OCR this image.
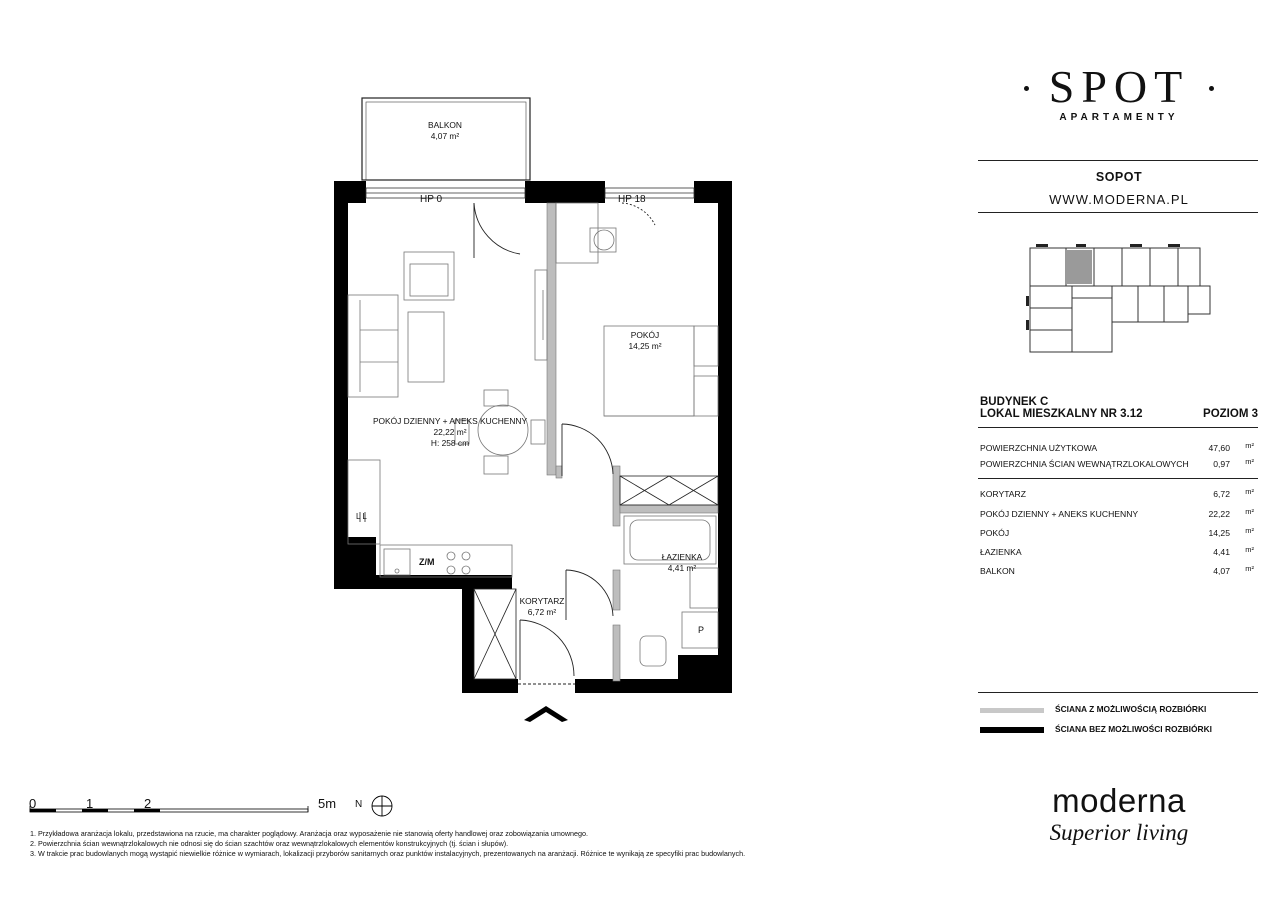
BALKON
4,07 m²
HP 0	HP 18
POKÓJ
14,25 m²
POKÓJ DZIENNY + ANEKS KUCHENNY
22,22 m²
H: 258 cm
ŁAZIENKA
4,41 m²
KORYTARZ
6,72 m²
Z/M
L L
P
0	1	2	5m N
1. Przykładowa aranżacja lokalu, przedstawiona na rzucie, ma charakter poglądowy. Aranżacja oraz wyposażenie nie stanowią oferty handlowej oraz zobowiązania umownego.
2. Powierzchnia ścian wewnątrzlokalowych nie odnosi się do ścian szachtów oraz wewnątrzlokalowych elementów konstrukcyjnych (tj. ścian i słupów).
3. W trakcie prac budowlanych mogą wystąpić niewielkie różnice w wymiarach, lokalizacji przyborów sanitarnych oraz punktów instalacyjnych, prezentowanych na aranżacji. Różnice te wynikają ze specyfiki prac budowlanych.
SPOT
APARTAMENTY
SOPOT
WWW.MODERNA.PL
BUDYNEK C
LOKAL MIESZKALNY NR 3.12	POZIOM 3
POWIERZCHNIA UŻYTKOWA	47,60 m²
POWIERZCHNIA ŚCIAN WEWNĄTRZLOKALOWYCH	0,97 m²
KORYTARZ	6,72 m²
POKÓJ DZIENNY + ANEKS KUCHENNY	22,22 m²
POKÓJ	14,25 m²
ŁAZIENKA	4,41 m²
BALKON	4,07 m²
ŚCIANA Z MOŻLIWOŚCIĄ ROZBIÓRKI
ŚCIANA BEZ MOŻLIWOŚCI ROZBIÓRKI
moderna
Superior living
